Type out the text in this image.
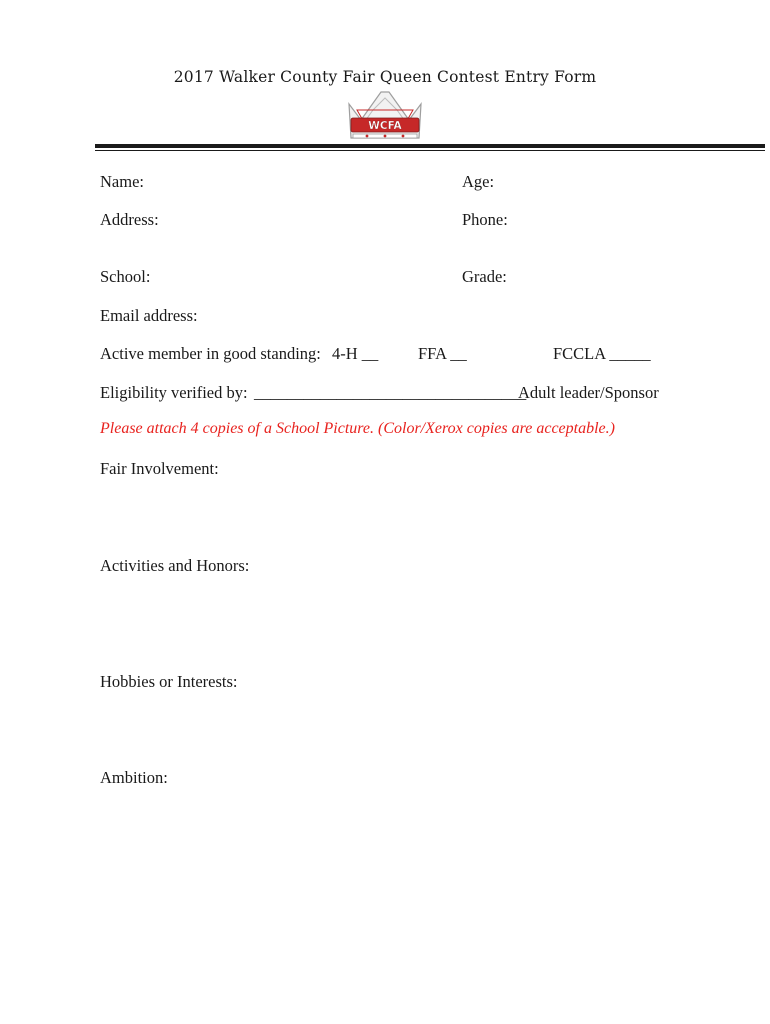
2017 Walker County Fair Queen Contest Entry Form
WCFA
Name:	Age:
Address:	Phone:
School:	Grade:
Email address:
Active member in good standing: 4-H __ FFA __	FCCLA _____
Eligibility verified by: _________________________________
Adult leader/Sponsor
Please attach 4 copies of a School Picture. (Color/Xerox copies are acceptable.)
Fair Involvement:
Activities and Honors:
Hobbies or Interests:
Ambition:
